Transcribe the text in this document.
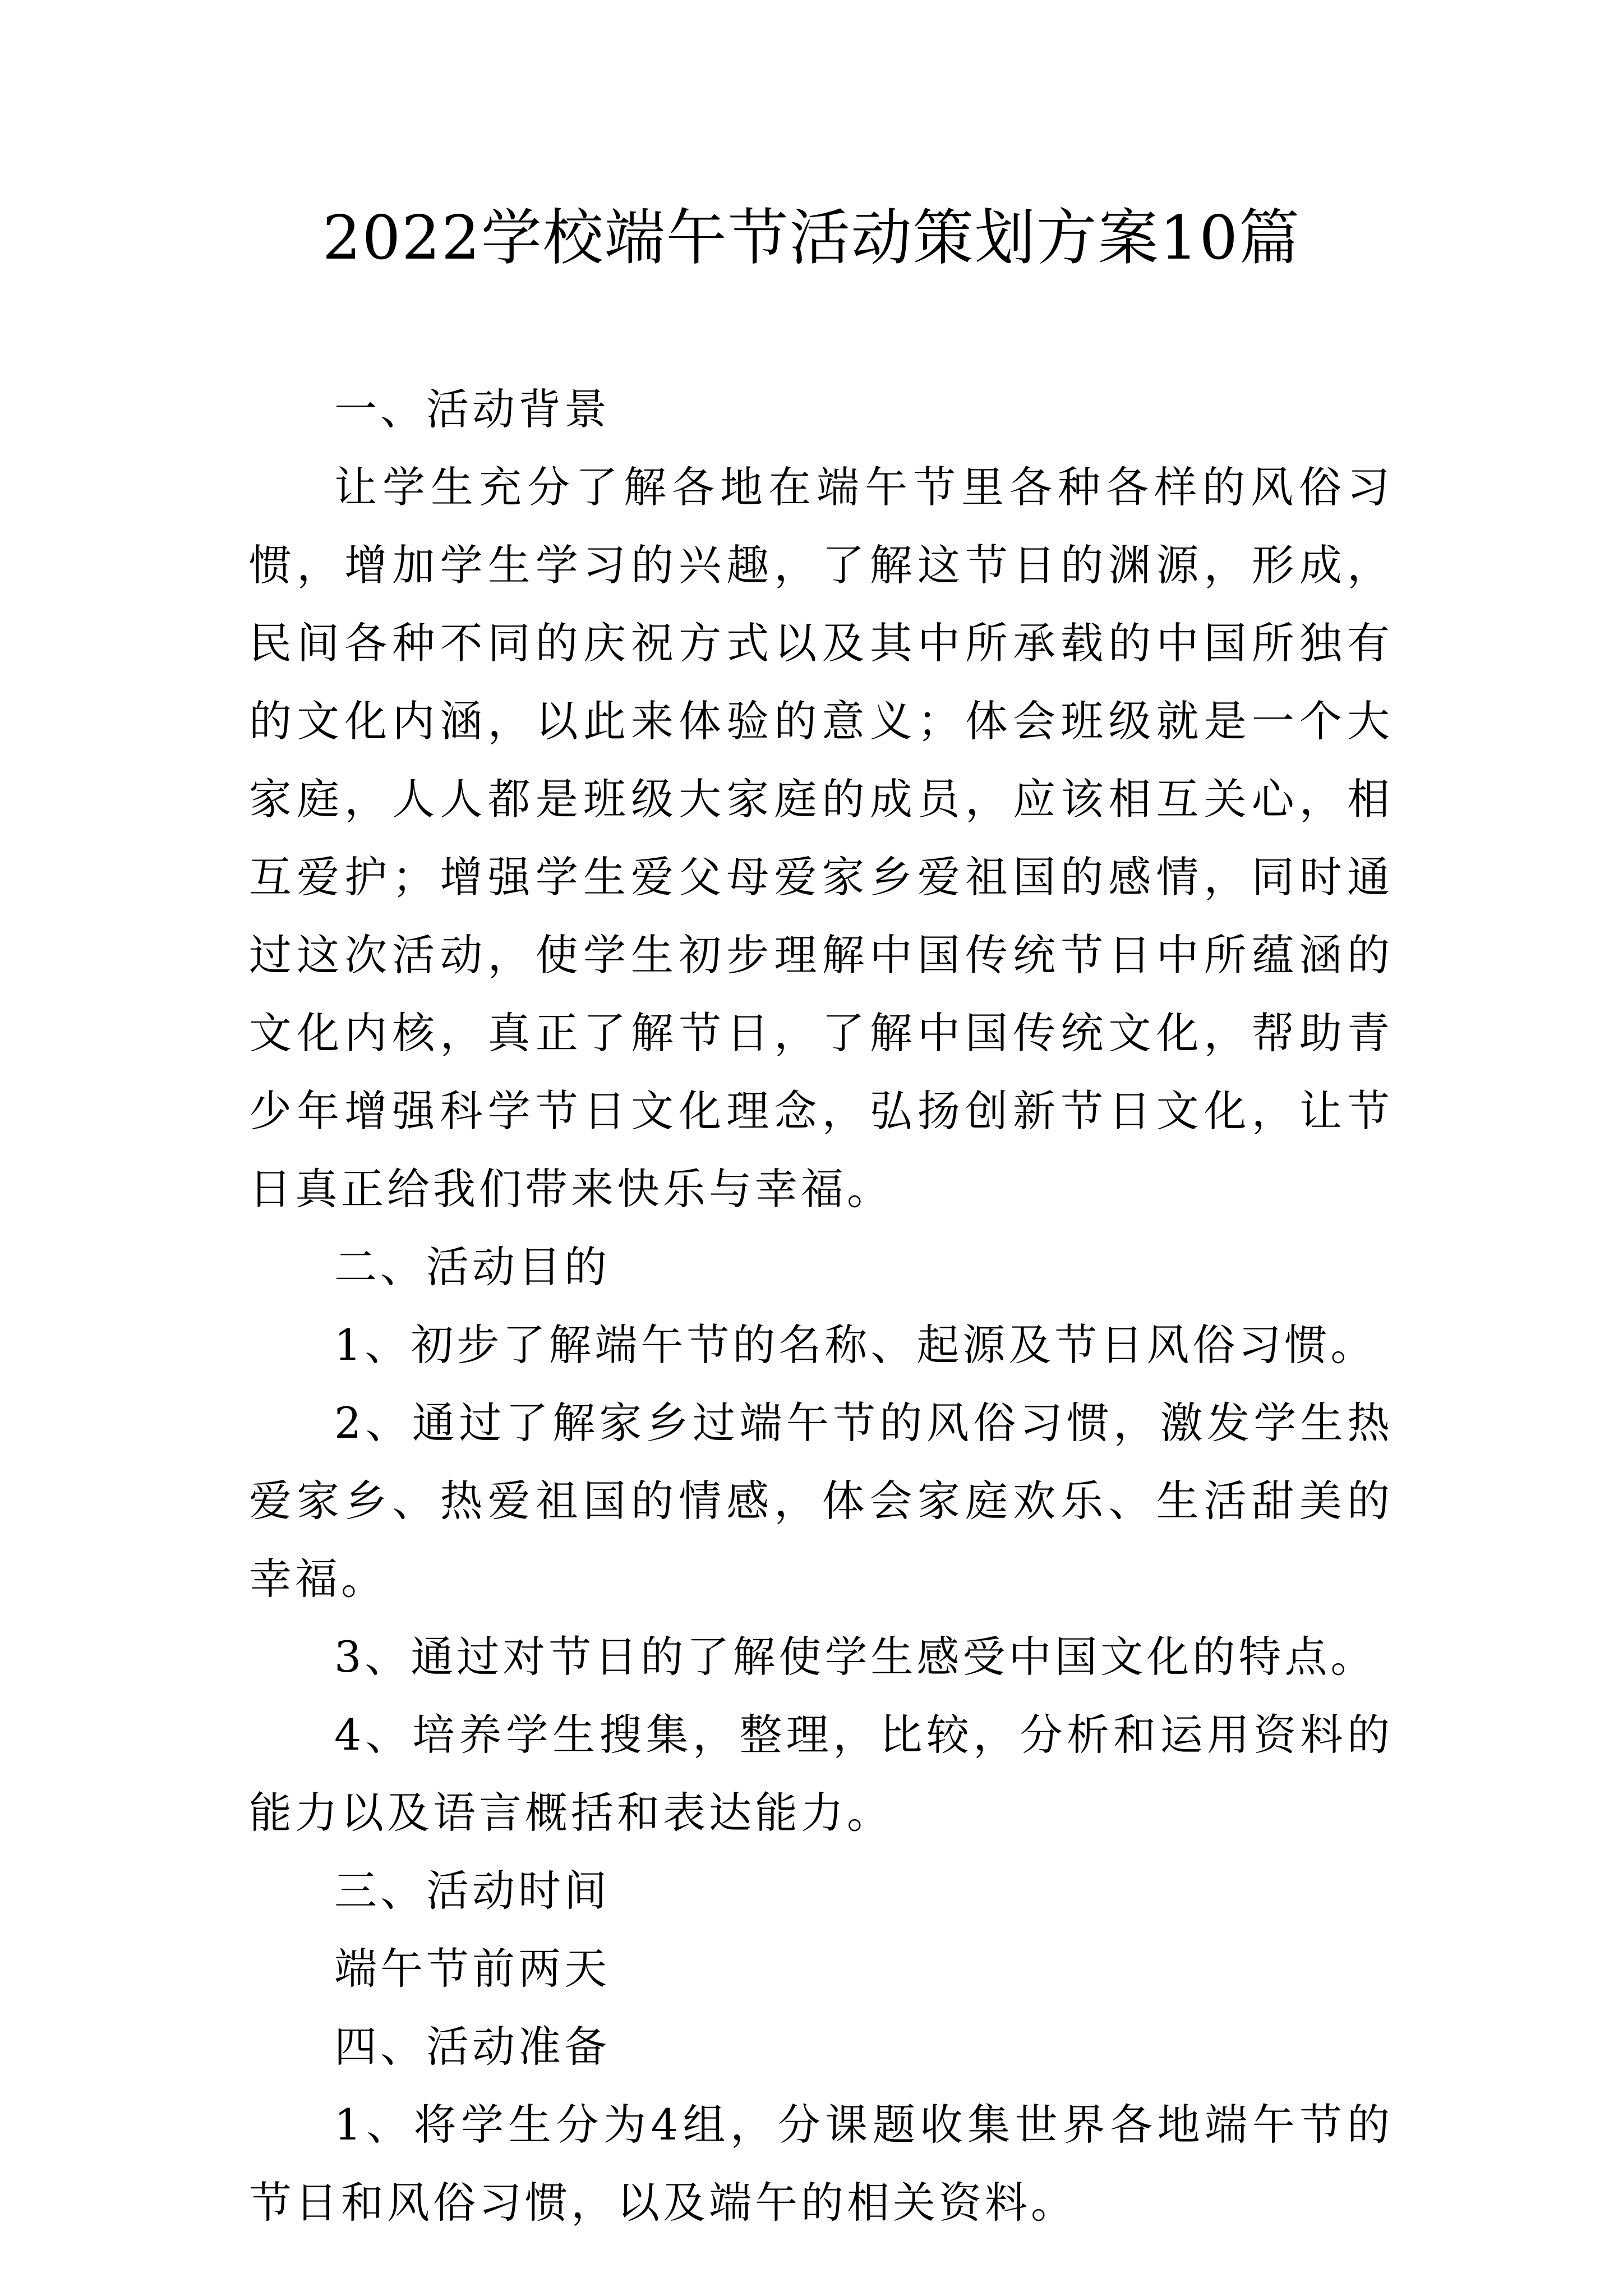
2022学校端午节活动策划方案10篇

一、活动背景

让学生充分了解各地在端午节里各种各样的风俗习惯，增加学生学习的兴趣，了解这节日的渊源，形成，民间各种不同的庆祝方式以及其中所承载的中国所独有的文化内涵，以此来体验的意义；体会班级就是一个大家庭，人人都是班级大家庭的成员，应该相互关心，相互爱护；增强学生爱父母爱家乡爱祖国的感情，同时通过这次活动，使学生初步理解中国传统节日中所蕴涵的文化内核，真正了解节日，了解中国传统文化，帮助青少年增强科学节日文化理念，弘扬创新节日文化，让节日真正给我们带来快乐与幸福。

二、活动目的

1、初步了解端午节的名称、起源及节日风俗习惯。

2、通过了解家乡过端午节的风俗习惯，激发学生热爱家乡、热爱祖国的情感，体会家庭欢乐、生活甜美的幸福。

3、通过对节日的了解使学生感受中国文化的特点。

4、培养学生搜集，整理，比较，分析和运用资料的能力以及语言概括和表达能力。

三、活动时间

端午节前两天

四、活动准备

1、将学生分为4组，分课题收集世界各地端午节的节日和风俗习惯，以及端午的相关资料。
